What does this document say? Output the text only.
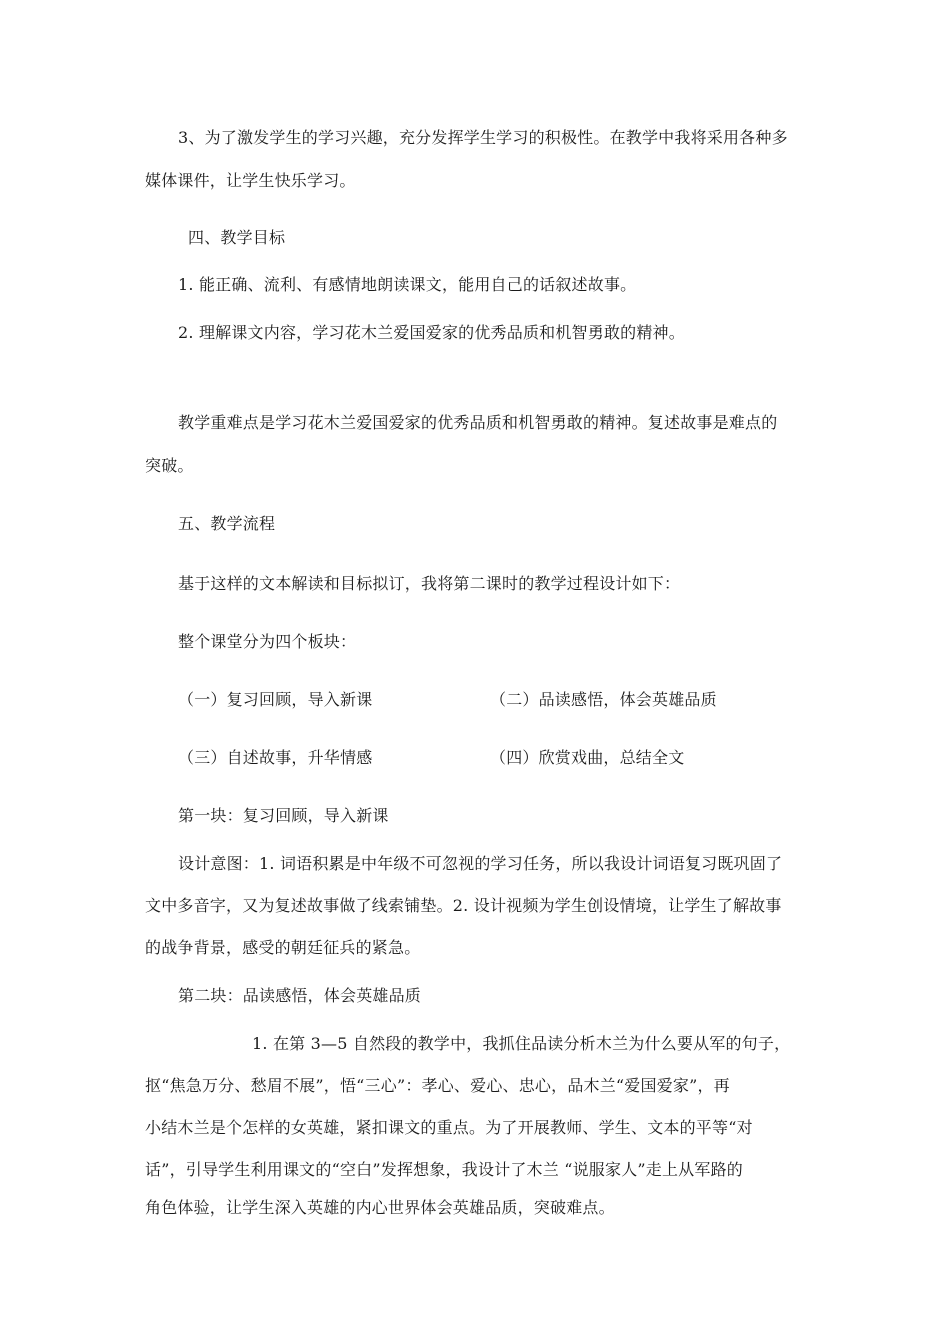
3、为了激发学生的学习兴趣，充分发挥学生学习的积极性。在教学中我将采用各种多
媒体课件，让学生快乐学习。
四、教学目标
1. 能正确、流利、有感情地朗读课文，能用自己的话叙述故事。
2. 理解课文内容，学习花木兰爱国爱家的优秀品质和机智勇敢的精神。
教学重难点是学习花木兰爱国爱家的优秀品质和机智勇敢的精神。复述故事是难点的
突破。
五、教学流程
基于这样的文本解读和目标拟订，我将第二课时的教学过程设计如下：
整个课堂分为四个板块：
（一）复习回顾，导入新课	（二）品读感悟，体会英雄品质
（三）自述故事，升华情感	（四）欣赏戏曲，总结全文
第一块：复习回顾，导入新课
设计意图：1. 词语积累是中年级不可忽视的学习任务，所以我设计词语复习既巩固了
文中多音字，又为复述故事做了线索铺垫。2. 设计视频为学生创设情境，让学生了解故事
的战争背景，感受的朝廷征兵的紧急。
第二块：品读感悟，体会英雄品质
1. 在第 3—5 自然段的教学中，我抓住品读分析木兰为什么要从军的句子，
抠“焦急万分、愁眉不展”，悟“三心”：孝心、爱心、忠心，品木兰“爱国爱家”，再
小结木兰是个怎样的女英雄，紧扣课文的重点。为了开展教师、学生、文本的平等“对
话”，引导学生利用课文的“空白”发挥想象，我设计了木兰 “说服家人”走上从军路的
角色体验，让学生深入英雄的内心世界体会英雄品质，突破难点。
